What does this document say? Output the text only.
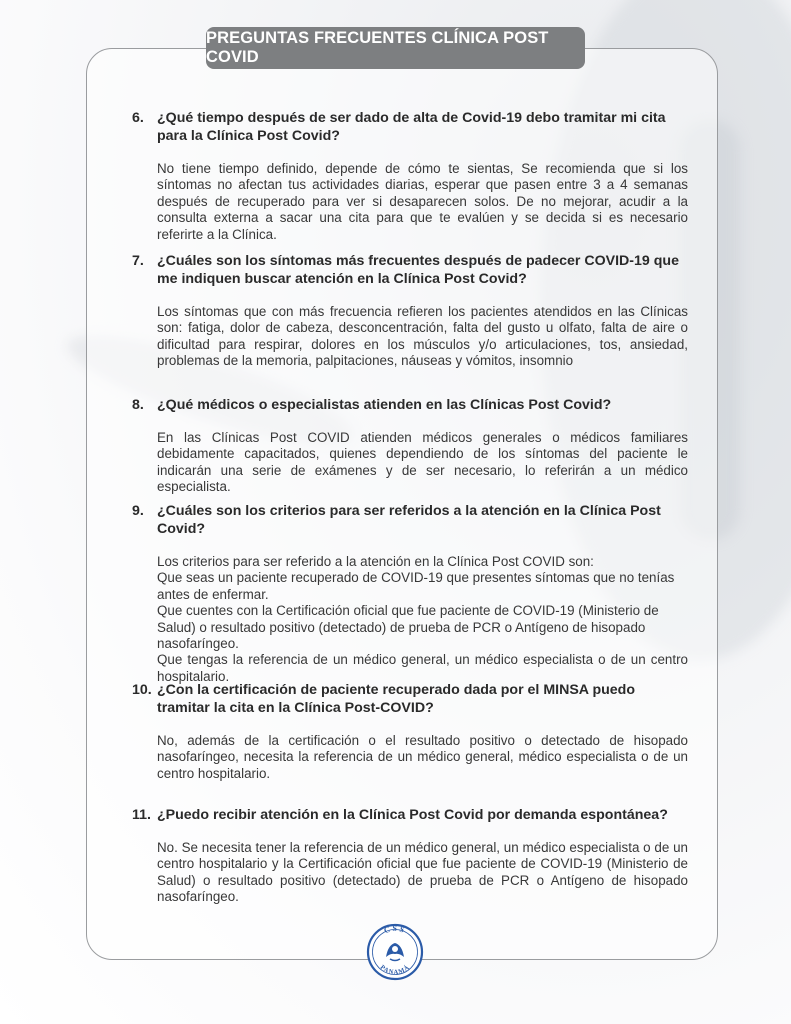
PREGUNTAS FRECUENTES CLÍNICA POST COVID
6. ¿Qué tiempo después de ser dado de alta de Covid-19 debo tramitar mi cita para la Clínica Post Covid?

No tiene tiempo definido, depende de cómo te sientas, Se recomienda que si los síntomas no afectan tus actividades diarias, esperar que pasen entre 3 a 4 semanas después de recuperado para ver si desaparecen solos. De no mejorar, acudir a la consulta externa a sacar una cita para que te evalúen y se decida si es necesario referirte a la Clínica.

7. ¿Cuáles son los síntomas más frecuentes después de padecer COVID-19 que me indiquen buscar atención en la Clínica Post Covid?

Los síntomas que con más frecuencia refieren los pacientes atendidos en las Clínicas son: fatiga, dolor de cabeza, desconcentración, falta del gusto u olfato, falta de aire o dificultad para respirar, dolores en los músculos y/o articulaciones, tos, ansiedad, problemas de la memoria, palpitaciones, náuseas y vómitos, insomnio

8. ¿Qué médicos o especialistas atienden en las Clínicas Post Covid?

En las Clínicas Post COVID atienden médicos generales o médicos familiares debidamente capacitados, quienes dependiendo de los síntomas del paciente le indicarán una serie de exámenes y de ser necesario, lo referirán a un médico especialista.

9. ¿Cuáles son los criterios para ser referidos a la atención en la Clínica Post Covid?

Los criterios para ser referido a la atención en la Clínica Post COVID son:

Que seas un paciente recuperado de COVID-19 que presentes síntomas que no tenías antes de enfermar.

Que cuentes con la Certificación oficial que fue paciente de COVID-19 (Ministerio de Salud) o resultado positivo (detectado) de prueba de PCR o Antígeno de hisopado nasofaríngeo.

Que tengas la referencia de un médico general, un médico especialista o de un centro hospitalario.

10. ¿Con la certificación de paciente recuperado dada por el MINSA puedo tramitar la cita en la Clínica Post-COVID?

No, además de la certificación o el resultado positivo o detectado de hisopado nasofaríngeo, necesita la referencia de un médico general, médico especialista o de un centro hospitalario.

11. ¿Puedo recibir atención en la Clínica Post Covid por demanda espontánea?

No. Se necesita tener la referencia de un médico general, un médico especialista o de un centro hospitalario y la Certificación oficial que fue paciente de COVID-19 (Ministerio de Salud) o resultado positivo (detectado) de prueba de PCR o Antígeno de hisopado nasofaríngeo.

CSS
PANAMÁ
